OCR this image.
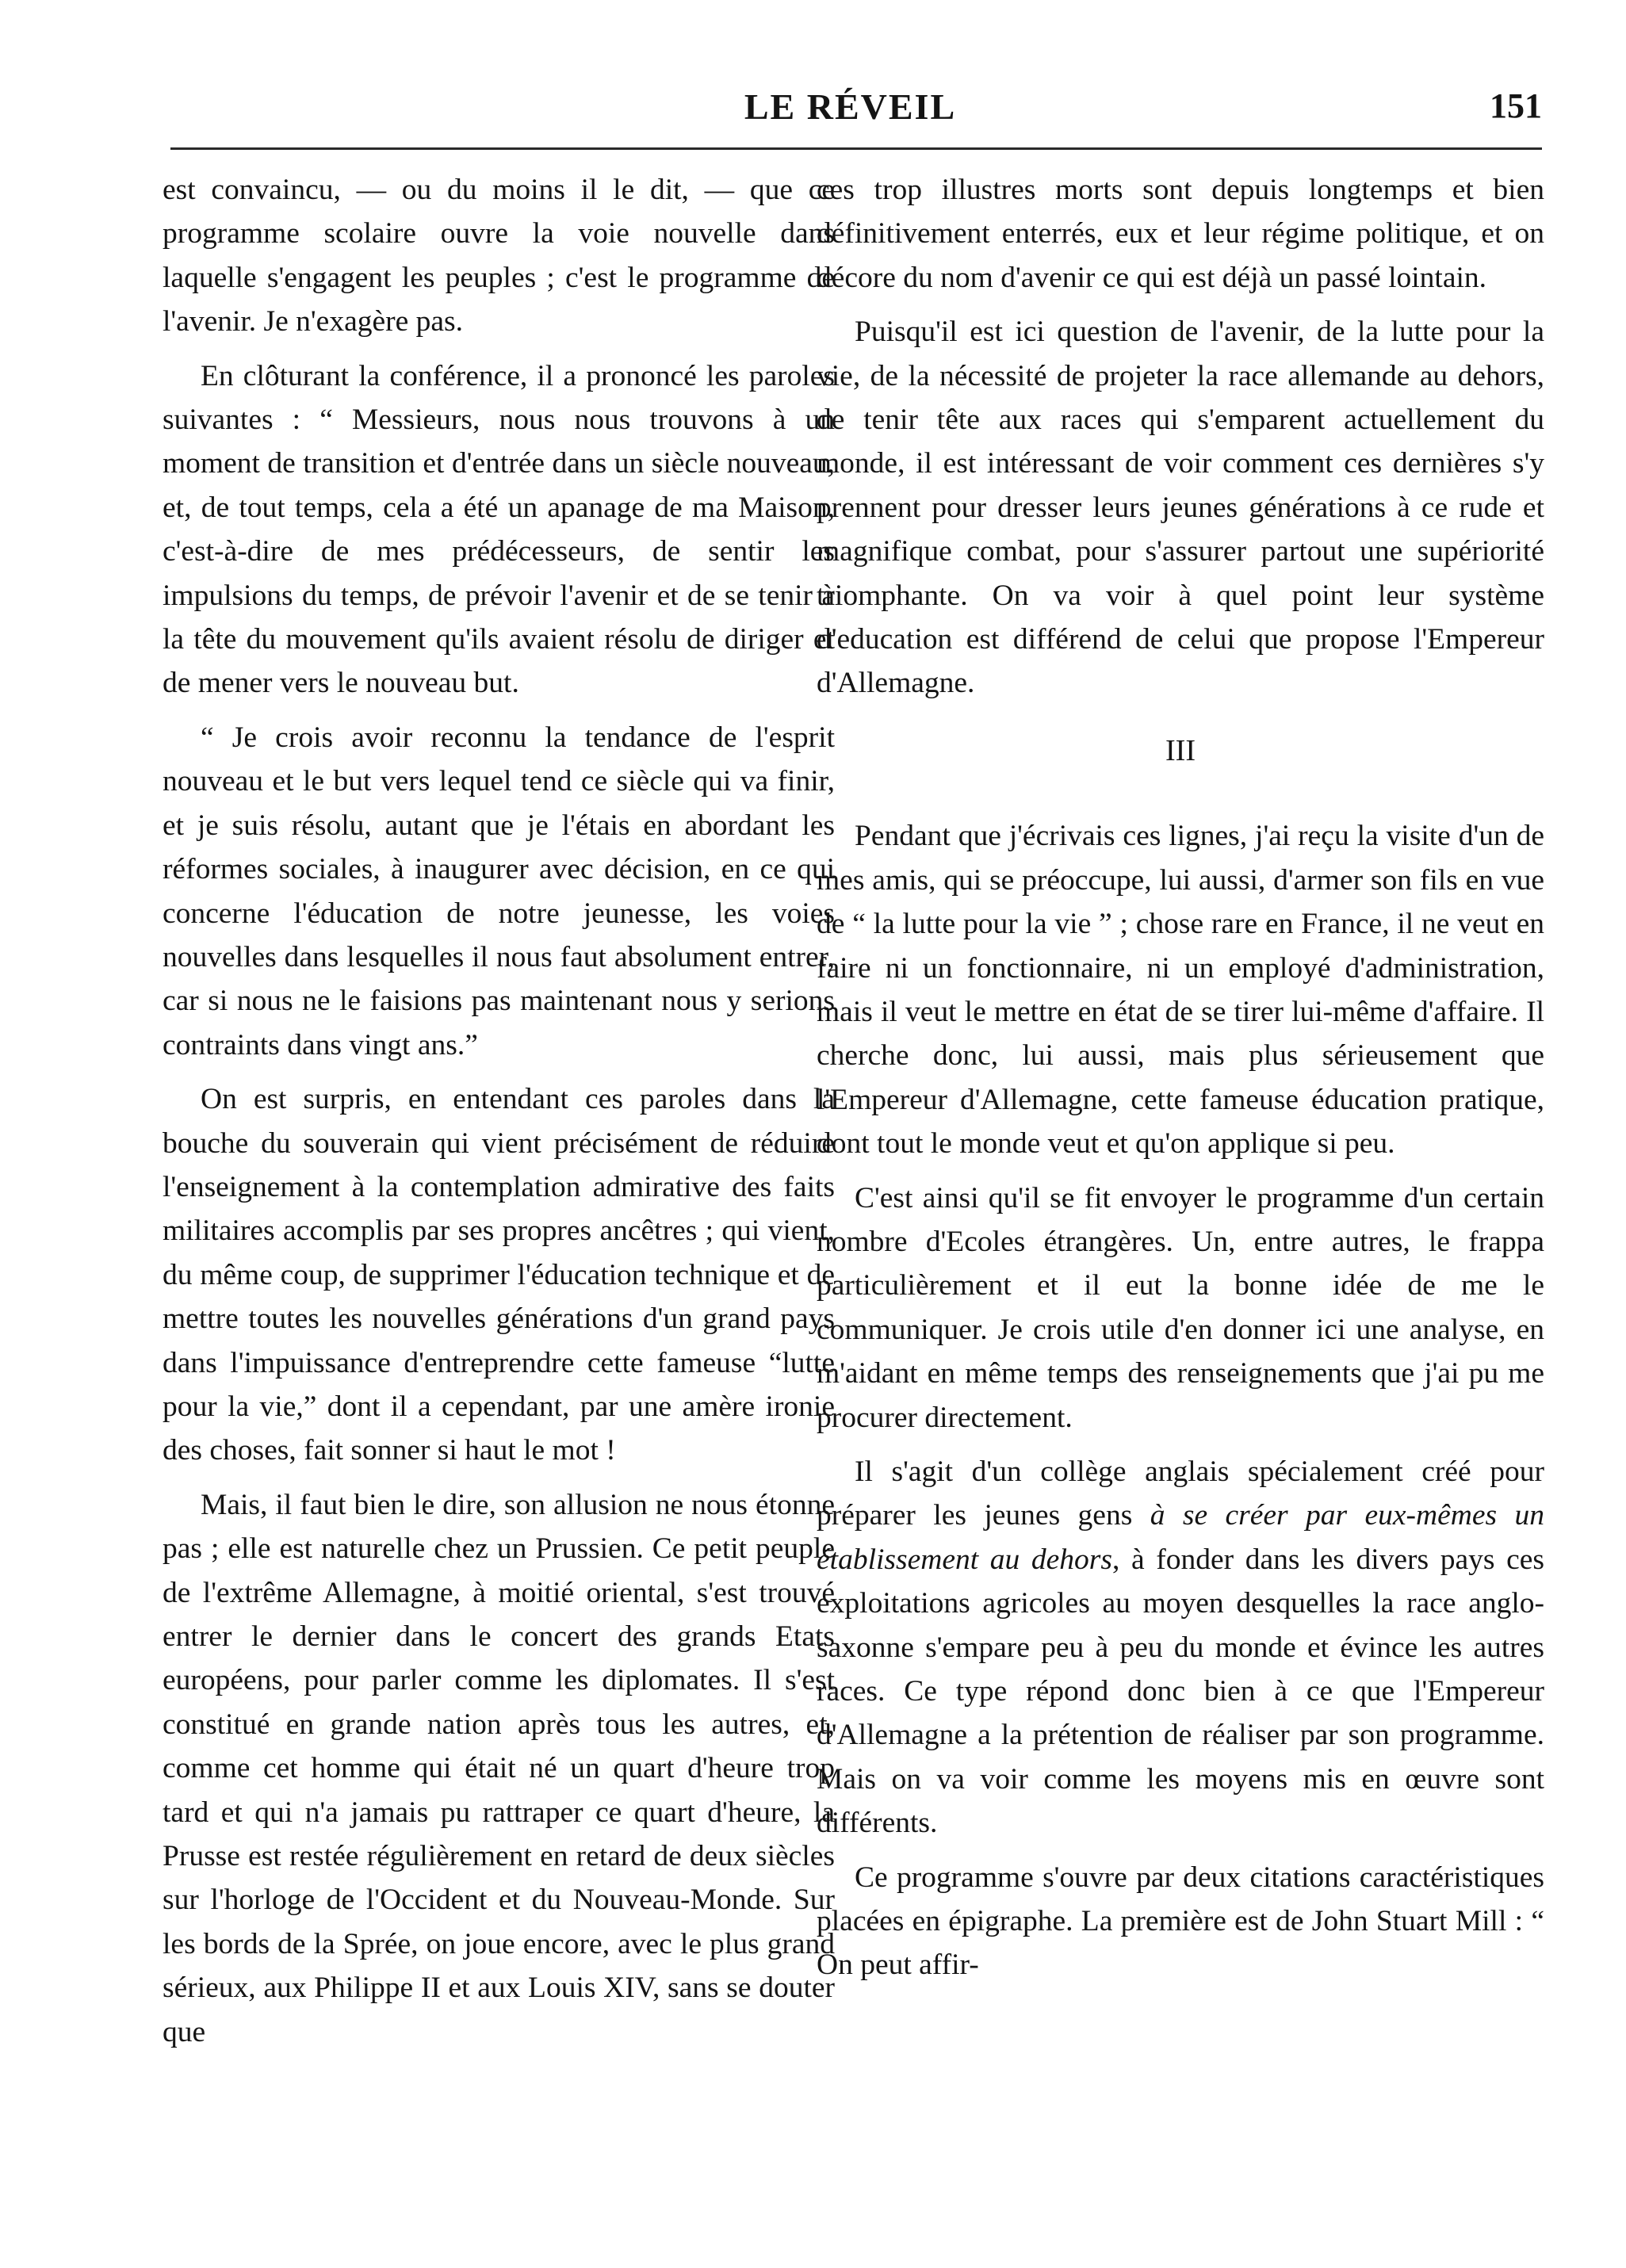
LE RÉVEIL	151

est convaincu, — ou du moins il le dit, — que ce programme scolaire ouvre la voie nouvelle dans laquelle s'engagent les peuples ; c'est le programme de l'avenir. Je n'exagère pas.

En clôturant la conférence, il a prononcé les paroles suivantes : “ Messieurs, nous nous trouvons à un moment de transition et d'entrée dans un siècle nouveau, et, de tout temps, cela a été un apanage de ma Maison, c'est-à-dire de mes prédécesseurs, de sentir les impulsions du temps, de prévoir l'avenir et de se tenir à la tête du mouvement qu'ils avaient résolu de diriger et de mener vers le nouveau but.

“ Je crois avoir reconnu la tendance de l'esprit nouveau et le but vers lequel tend ce siècle qui va finir, et je suis résolu, autant que je l'étais en abordant les réformes sociales, à inaugurer avec décision, en ce qui concerne l'éducation de notre jeunesse, les voies nouvelles dans lesquelles il nous faut absolument entrer, car si nous ne le faisions pas maintenant nous y serions contraints dans vingt ans.”

On est surpris, en entendant ces paroles dans la bouche du souverain qui vient précisément de réduire l'enseignement à la contemplation admirative des faits militaires accomplis par ses propres ancêtres ; qui vient, du même coup, de supprimer l'éducation technique et de mettre toutes les nouvelles générations d'un grand pays dans l'impuissance d'entreprendre cette fameuse “lutte pour la vie,” dont il a cependant, par une amère ironie des choses, fait sonner si haut le mot !

Mais, il faut bien le dire, son allusion ne nous étonne pas ; elle est naturelle chez un Prussien. Ce petit peuple de l'extrême Allemagne, à moitié oriental, s'est trouvé entrer le dernier dans le concert des grands Etats européens, pour parler comme les diplomates. Il s'est constitué en grande nation après tous les autres, et, comme cet homme qui était né un quart d'heure trop tard et qui n'a jamais pu rattraper ce quart d'heure, la Prusse est restée régulièrement en retard de deux siècles sur l'horloge de l'Occident et du Nouveau-Monde. Sur les bords de la Sprée, on joue encore, avec le plus grand sérieux, aux Philippe II et aux Louis XIV, sans se douter que

ces trop illustres morts sont depuis longtemps et bien définitivement enterrés, eux et leur régime politique, et on décore du nom d'avenir ce qui est déjà un passé lointain.

Puisqu'il est ici question de l'avenir, de la lutte pour la vie, de la nécessité de projeter la race allemande au dehors, de tenir tête aux races qui s'emparent actuellement du monde, il est intéressant de voir comment ces dernières s'y prennent pour dresser leurs jeunes générations à ce rude et magnifique combat, pour s'assurer partout une supériorité triomphante. On va voir à quel point leur système d'education est différend de celui que propose l'Empereur d'Allemagne.

III

Pendant que j'écrivais ces lignes, j'ai reçu la visite d'un de mes amis, qui se préoccupe, lui aussi, d'armer son fils en vue de “ la lutte pour la vie ” ; chose rare en France, il ne veut en faire ni un fonctionnaire, ni un employé d'administration, mais il veut le mettre en état de se tirer lui-même d'affaire. Il cherche donc, lui aussi, mais plus sérieusement que l'Empereur d'Allemagne, cette fameuse éducation pratique, dont tout le monde veut et qu'on applique si peu.

C'est ainsi qu'il se fit envoyer le programme d'un certain nombre d'Ecoles étrangères. Un, entre autres, le frappa particulièrement et il eut la bonne idée de me le communiquer. Je crois utile d'en donner ici une analyse, en m'aidant en même temps des renseignements que j'ai pu me procurer directement.

Il s'agit d'un collège anglais spécialement créé pour préparer les jeunes gens à se créer par eux-mêmes un établissement au dehors, à fonder dans les divers pays ces exploitations agricoles au moyen desquelles la race anglo-saxonne s'empare peu à peu du monde et évince les autres races. Ce type répond donc bien à ce que l'Empereur d'Allemagne a la prétention de réaliser par son programme. Mais on va voir comme les moyens mis en œuvre sont différents.

Ce programme s'ouvre par deux citations caractéristiques placées en épigraphe. La première est de John Stuart Mill : “ On peut affir-
